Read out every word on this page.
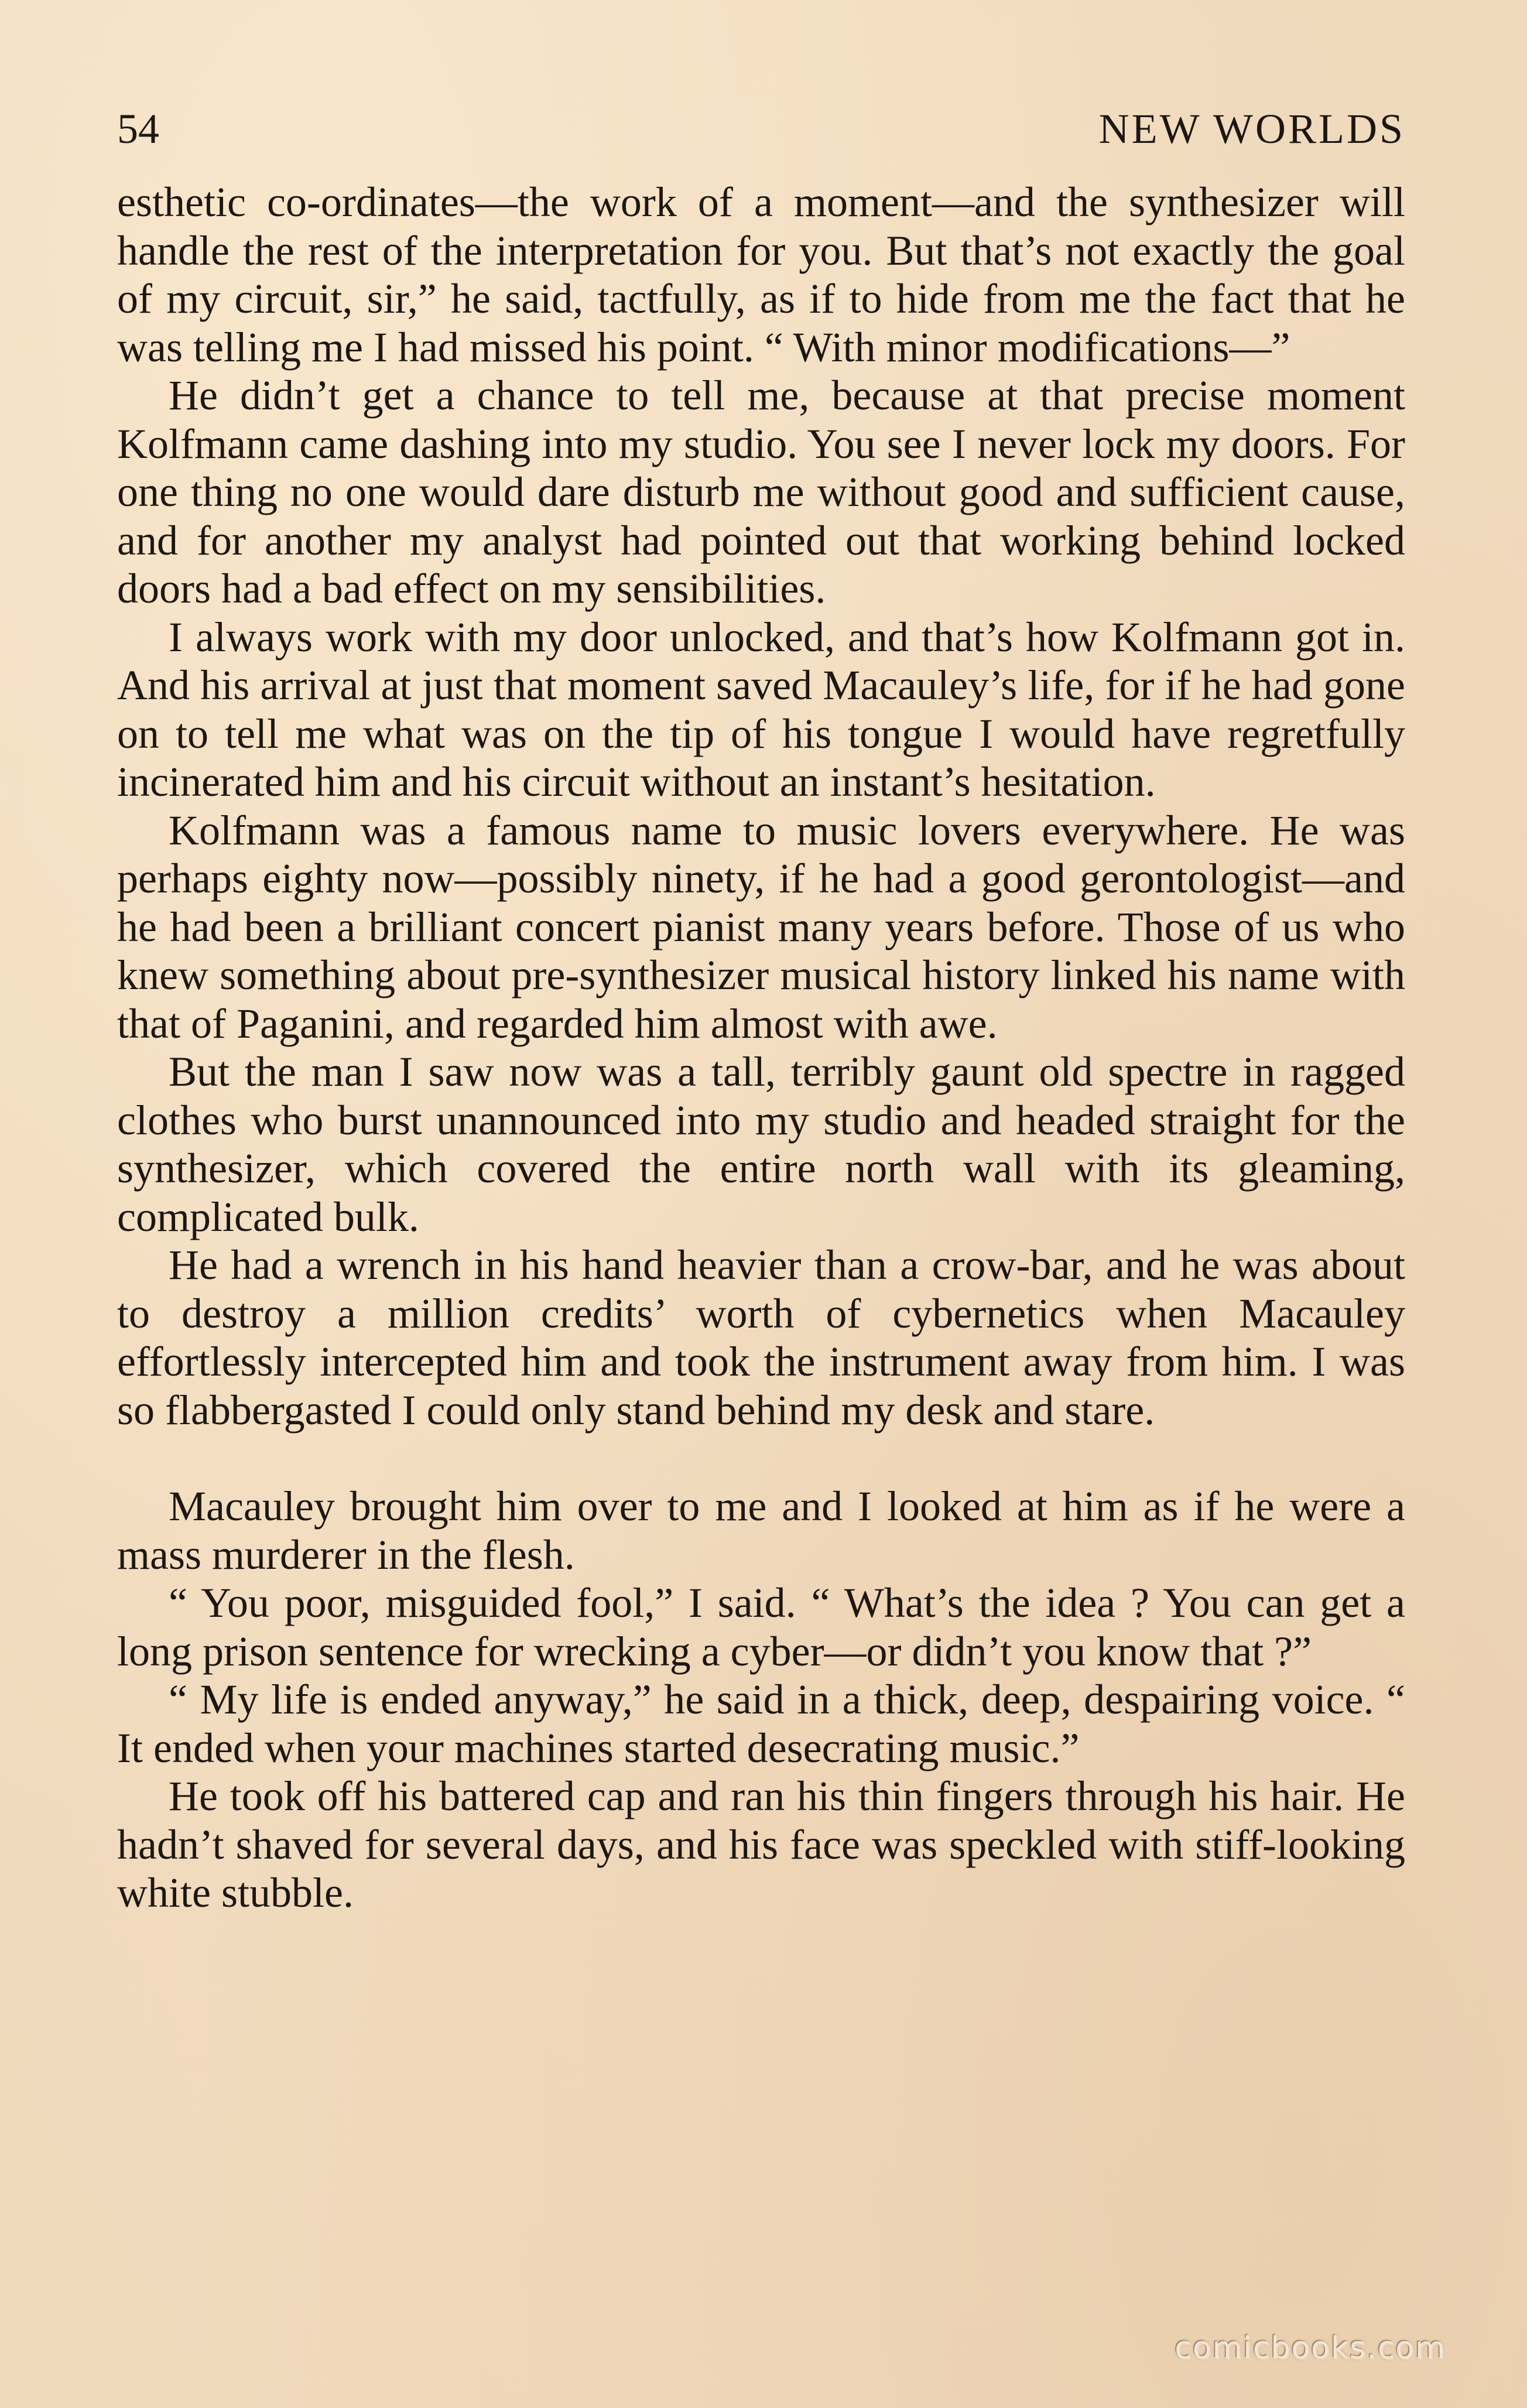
54	NEW WORLDS

esthetic co-ordinates—the work of a moment—and the synthesizer will handle the rest of the interpretation for you. But that’s not exactly the goal of my circuit, sir,” he said, tactfully, as if to hide from me the fact that he was telling me I had missed his point. “ With minor modifications—”

He didn’t get a chance to tell me, because at that precise moment Kolfmann came dashing into my studio. You see I never lock my doors. For one thing no one would dare disturb me without good and sufficient cause, and for another my analyst had pointed out that working behind locked doors had a bad effect on my sensibilities.

I always work with my door unlocked, and that’s how Kolfmann got in. And his arrival at just that moment saved Macauley’s life, for if he had gone on to tell me what was on the tip of his tongue I would have regretfully incinerated him and his circuit without an instant’s hesitation.

Kolfmann was a famous name to music lovers everywhere. He was perhaps eighty now—possibly ninety, if he had a good gerontologist—and he had been a brilliant concert pianist many years before. Those of us who knew something about pre-synthesizer musical history linked his name with that of Paganini, and regarded him almost with awe.

But the man I saw now was a tall, terribly gaunt old spectre in ragged clothes who burst unannounced into my studio and headed straight for the synthesizer, which covered the entire north wall with its gleaming, complicated bulk.

He had a wrench in his hand heavier than a crow-bar, and he was about to destroy a million credits’ worth of cybernetics when Macauley effortlessly intercepted him and took the instrument away from him. I was so flabbergasted I could only stand behind my desk and stare.

Macauley brought him over to me and I looked at him as if he were a mass murderer in the flesh.

“ You poor, misguided fool,” I said. “ What’s the idea ? You can get a long prison sentence for wrecking a cyber—or didn’t you know that ?”

“ My life is ended anyway,” he said in a thick, deep, despairing voice. “ It ended when your machines started desecrating music.”

He took off his battered cap and ran his thin fingers through his hair. He hadn’t shaved for several days, and his face was speckled with stiff-looking white stubble.

comicbooks.com
